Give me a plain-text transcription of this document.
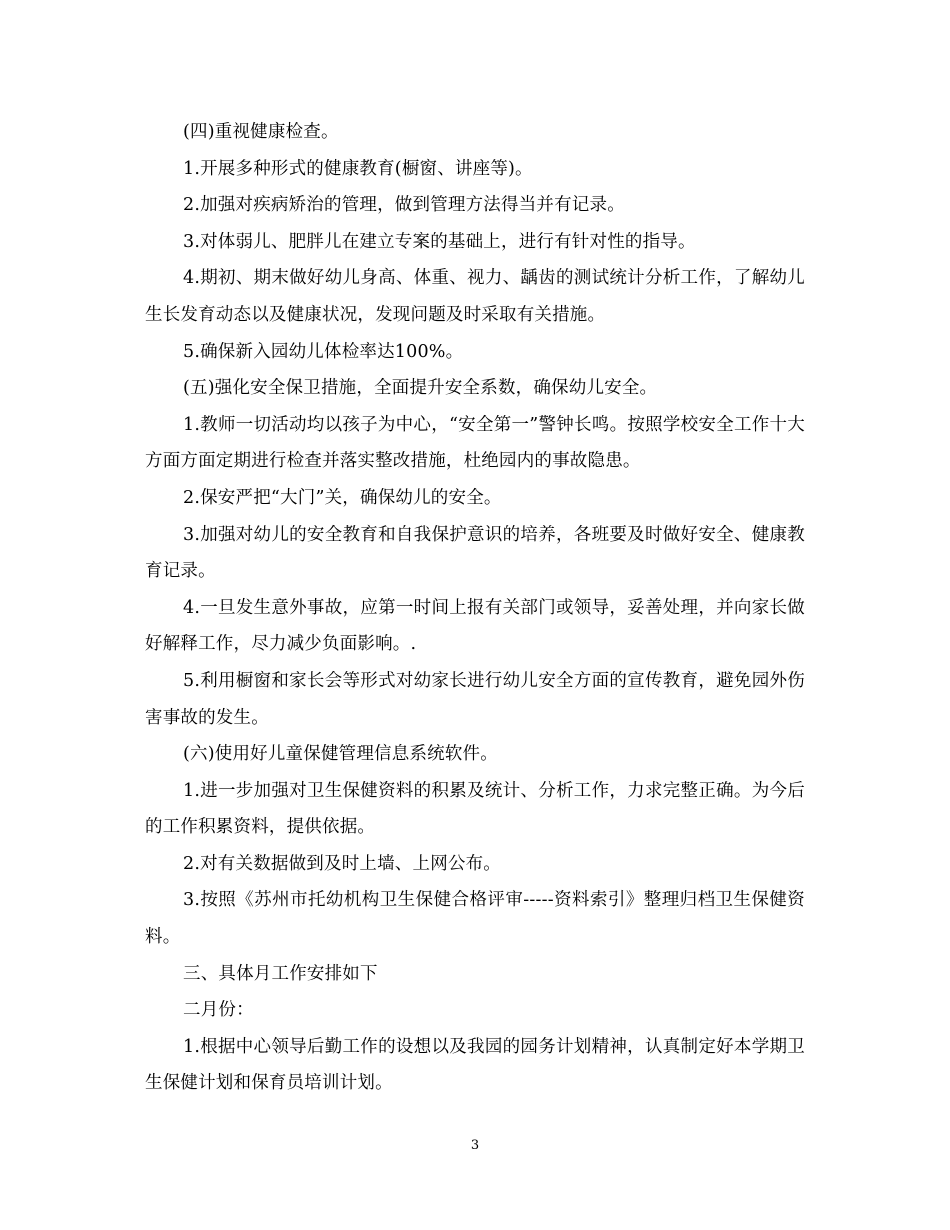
(四)重视健康检查。

1.开展多种形式的健康教育(橱窗、讲座等)。

2.加强对疾病矫治的管理，做到管理方法得当并有记录。

3.对体弱儿、肥胖儿在建立专案的基础上，进行有针对性的指导。

4.期初、期末做好幼儿身高、体重、视力、龋齿的测试统计分析工作，了解幼儿生长发育动态以及健康状况，发现问题及时采取有关措施。

5.确保新入园幼儿体检率达100%。

(五)强化安全保卫措施，全面提升安全系数，确保幼儿安全。

1.教师一切活动均以孩子为中心，“安全第一”警钟长鸣。按照学校安全工作十大方面方面定期进行检查并落实整改措施，杜绝园内的事故隐患。

2.保安严把“大门”关，确保幼儿的安全。

3.加强对幼儿的安全教育和自我保护意识的培养，各班要及时做好安全、健康教育记录。

4.一旦发生意外事故，应第一时间上报有关部门或领导，妥善处理，并向家长做好解释工作，尽力减少负面影响。.

5.利用橱窗和家长会等形式对幼家长进行幼儿安全方面的宣传教育，避免园外伤害事故的发生。

(六)使用好儿童保健管理信息系统软件。

1.进一步加强对卫生保健资料的积累及统计、分析工作，力求完整正确。为今后的工作积累资料，提供依据。

2.对有关数据做到及时上墙、上网公布。

3.按照《苏州市托幼机构卫生保健合格评审-----资料索引》整理归档卫生保健资料。

三、具体月工作安排如下

二月份：

1.根据中心领导后勤工作的设想以及我园的园务计划精神，认真制定好本学期卫生保健计划和保育员培训计划。

3
